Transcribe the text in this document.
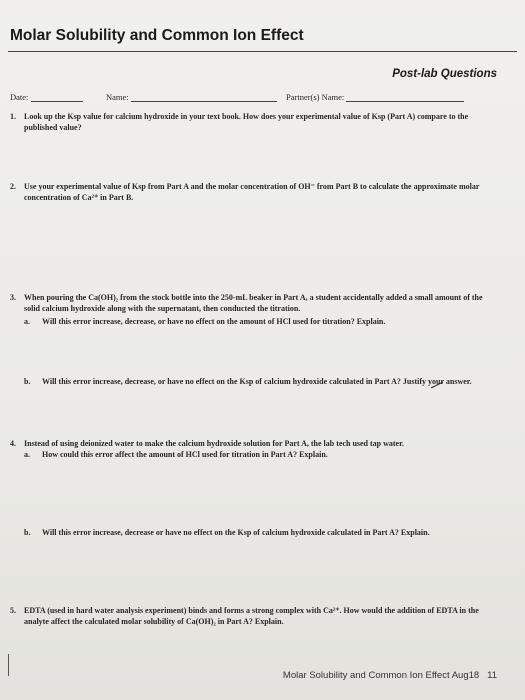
Molar Solubility and Common Ion Effect
Post-lab Questions
Date:	Name:	Partner(s) Name:
1. Look up the Ksp value for calcium hydroxide in your text book. How does your experimental value of Ksp (Part A) compare to the published value?
2. Use your experimental value of Ksp from Part A and the molar concentration of OH⁻ from Part B to calculate the approximate molar concentration of Ca²⁺ in Part B.
3. When pouring the Ca(OH)₂ from the stock bottle into the 250-mL beaker in Part A, a student accidentally added a small amount of the solid calcium hydroxide along with the supernatant, then conducted the titration.
a. Will this error increase, decrease, or have no effect on the amount of HCl used for titration? Explain.
b. Will this error increase, decrease, or have no effect on the Ksp of calcium hydroxide calculated in Part A? Justify your answer.
4. Instead of using deionized water to make the calcium hydroxide solution for Part A, the lab tech used tap water.
a. How could this error affect the amount of HCl used for titration in Part A? Explain.
b. Will this error increase, decrease or have no effect on the Ksp of calcium hydroxide calculated in Part A? Explain.
5. EDTA (used in hard water analysis experiment) binds and forms a strong complex with Ca²⁺. How would the addition of EDTA in the analyte affect the calculated molar solubility of Ca(OH)₂ in Part A? Explain.
Molar Solubility and Common Ion Effect Aug18 11
